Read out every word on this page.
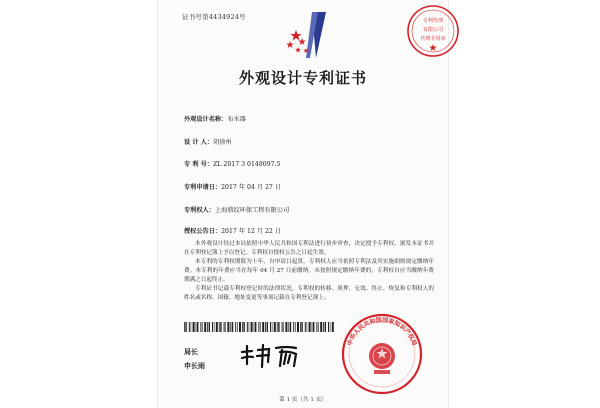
证书号第4434924号	专利代理
有限公司
代理专用章
外观设计专利证书
外观设计名称：布水器
设 计 人：胡徐州
专 利 号：ZL 2017 3 0148097.5
专利申请日：2017 年 04 月 27 日
专利权人：上海鼎纹环保工程有限公司
授权公告日：2017 年 12 月 22 日

本外观设计经过本局依照中华人民共和国专利法进行初步审查，决定授予专利权，颁发本证书并在专利登记簿上予以登记。专利权自授权公告之日起生效。

本专利的专利权期限为十年，自申请日起算。专利权人应当依照专利法及其实施细则规定缴纳年费。本专利的年费应当在每年 04 月 27 日前缴纳。未按照规定缴纳年费的，专利权自应当缴纳年费期满之日起终止。

专利证书记载专利权登记时的法律状况。专利权的转移、质押、无效、终止、恢复和专利权人的姓名或名称、国籍、地址变更等事项记载在专利登记簿上。

局长
申长雨
中华人民共和国国家知识产权局
第 1 页（共 1 页）
